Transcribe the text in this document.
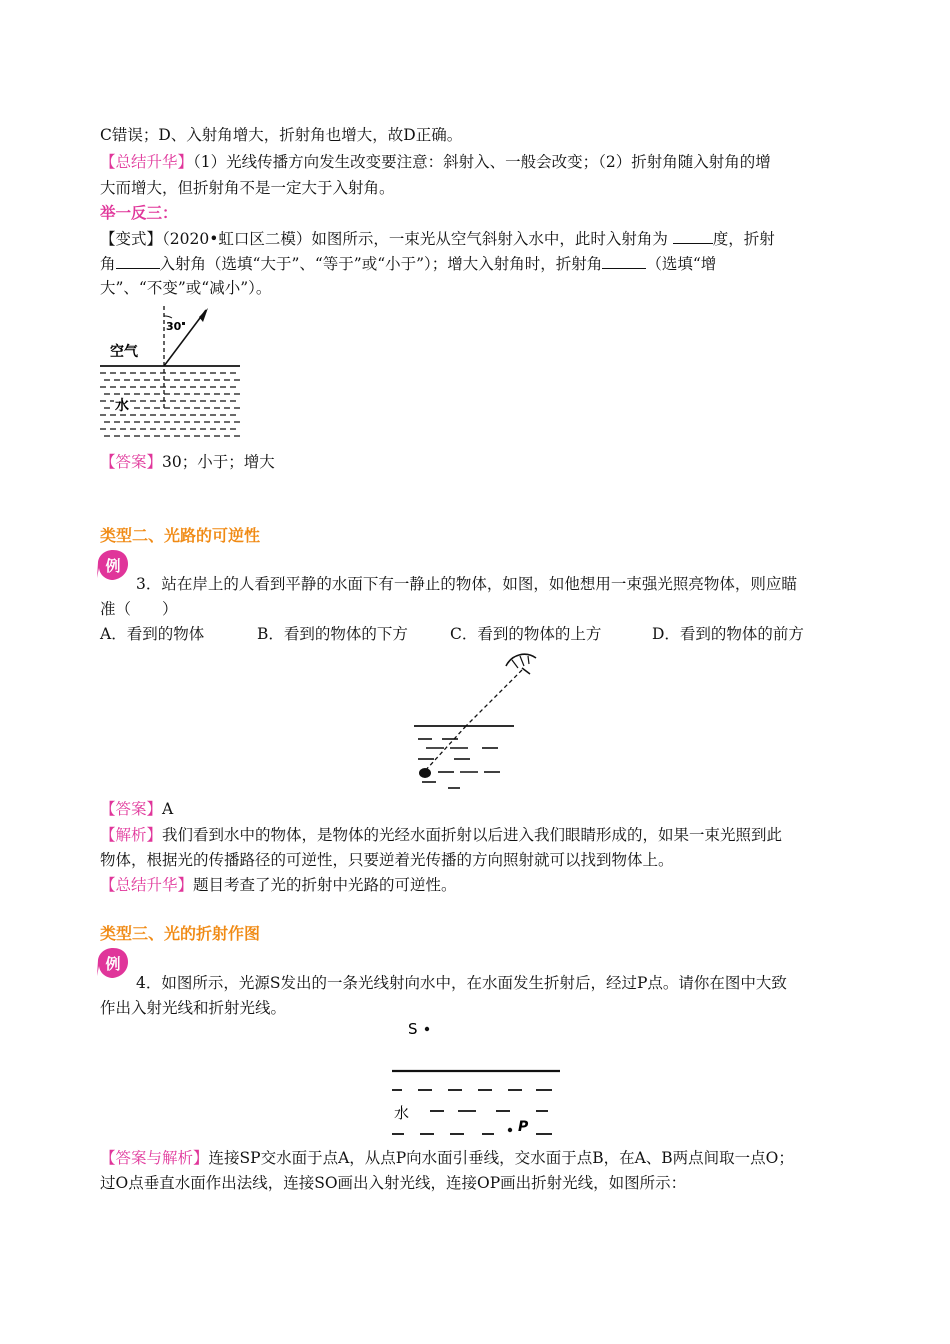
C错误；D、入射角增大，折射角也增大，故D正确。
【总结升华】（1）光线传播方向发生改变要注意：斜射入、一般会改变；（2）折射角随入射角的增
大而增大，但折射角不是一定大于入射角。
举一反三：
【变式】（2020•虹口区二模）如图所示，一束光从空气斜射入水中，此时入射角为	度，折射
角	入射角（选填“大于”、“等于”或“小于”）；增大入射角时，折射角	（选填“增
大”、“不变”或“减小”）。
30
空气
水
【答案】30；小于；增大
类型二、光路的可逆性
例
3．站在岸上的人看到平静的水面下有一静止的物体，如图，如他想用一束强光照亮物体，则应瞄
准（　　）
A．看到的物体	B．看到的物体的下方	C．看到的物体的上方	D．看到的物体的前方
【答案】A
【解析】我们看到水中的物体，是物体的光经水面折射以后进入我们眼睛形成的，如果一束光照到此
物体，根据光的传播路径的可逆性，只要逆着光传播的方向照射就可以找到物体上。
【总结升华】题目考查了光的折射中光路的可逆性。
类型三、光的折射作图
例
4．如图所示，光源S发出的一条光线射向水中，在水面发生折射后，经过P点。请你在图中大致
作出入射光线和折射光线。
S
水
P
【答案与解析】连接SP交水面于点A，从点P向水面引垂线，交水面于点B，在A、B两点间取一点O；
过O点垂直水面作出法线，连接SO画出入射光线，连接OP画出折射光线，如图所示：
